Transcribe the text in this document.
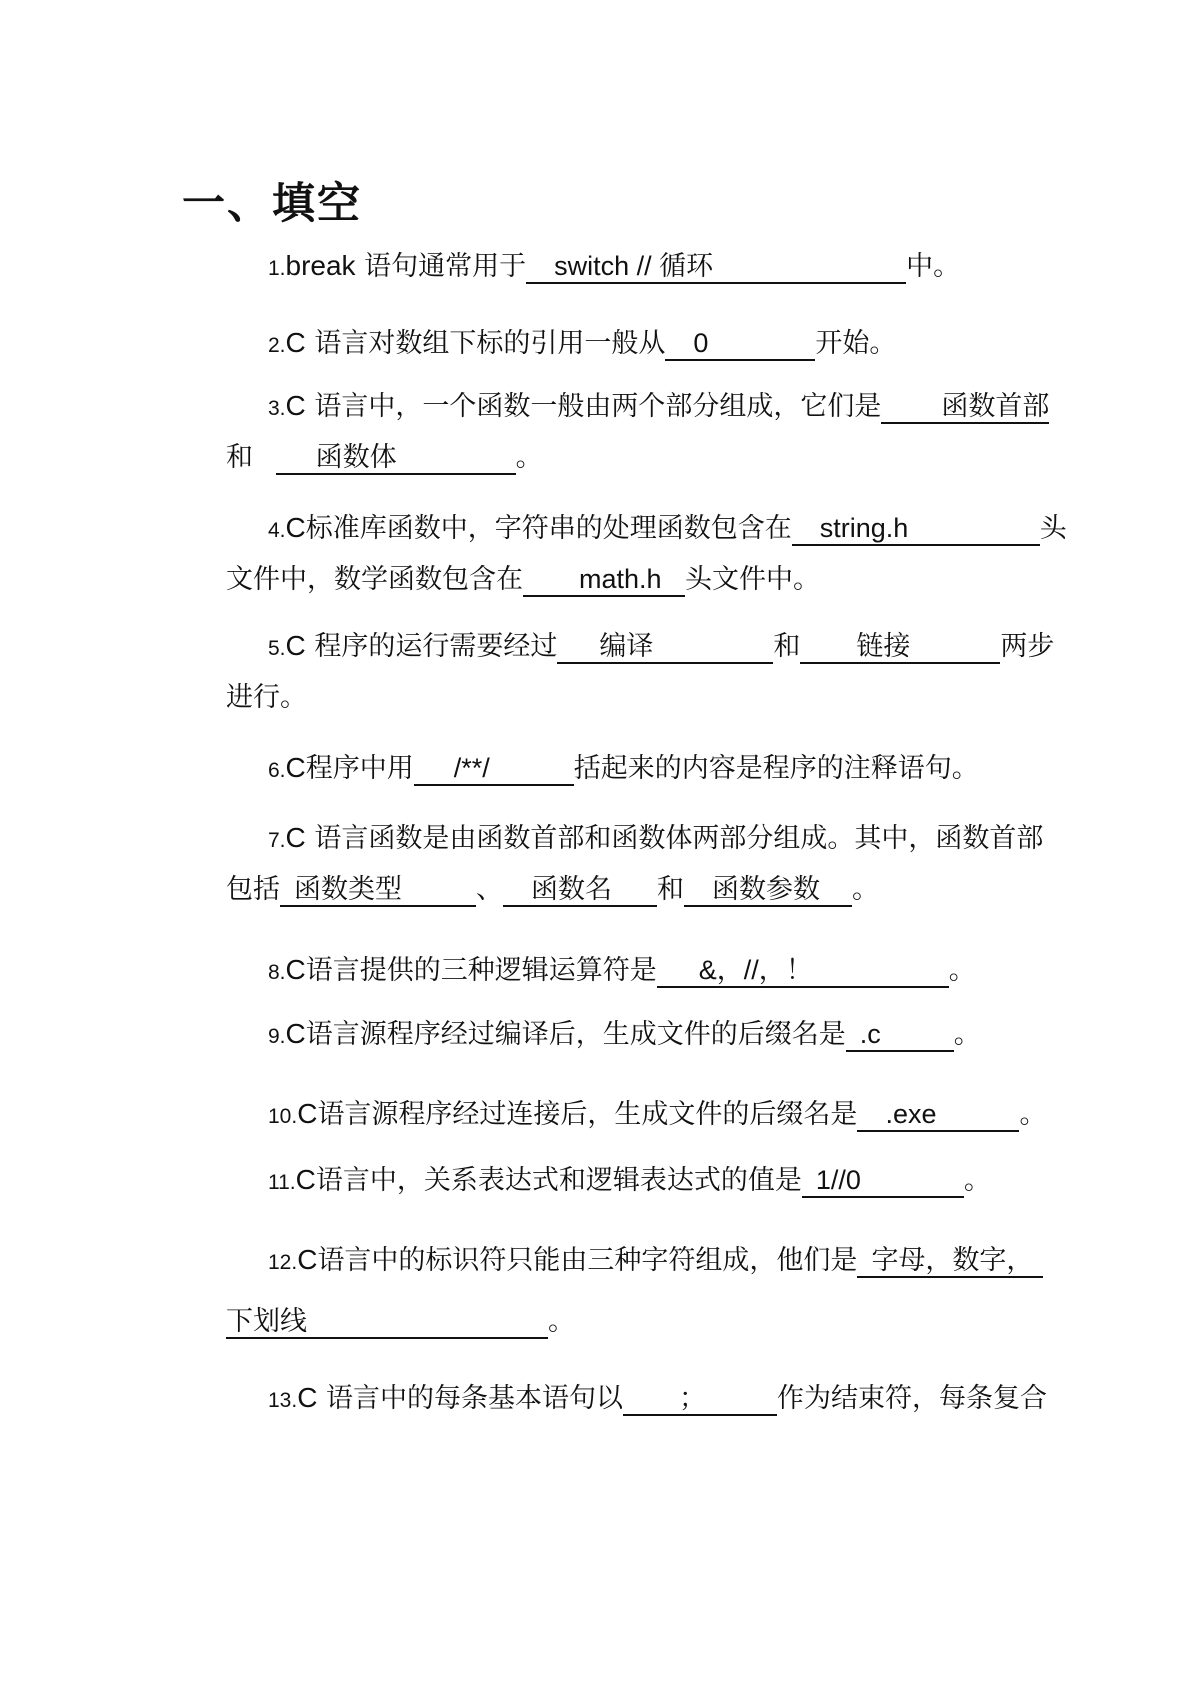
一、填空
1.break 语句通常用于 switch // 循环	中。
2.C 语言对数组下标的引用一般从 0	开始。
3.C 语言中，一个函数一般由两个部分组成，它们是 函数首部
和 函数体	。
4.C标准库函数中，字符串的处理函数包含在 string.h	头
文件中，数学函数包含在 math.h 头文件中。
5.C 程序的运行需要经过 编译	和 链接	两步
进行。
6.C程序中用 /**/	括起来的内容是程序的注释语句。
7.C 语言函数是由函数首部和函数体两部分组成。其中，函数首部
包括 函数类型	、 函数名 和 函数参数 。
8.C语言提供的三种逻辑运算符是 &，//，！	。
9.C语言源程序经过编译后，生成文件的后缀名是 .c	。
10.C语言源程序经过连接后，生成文件的后缀名是 .exe	。
11.C语言中，关系表达式和逻辑表达式的值是 1//0	。
12.C语言中的标识符只能由三种字符组成，他们是 字母，数字，
下划线	。
13.C 语言中的每条基本语句以 ；	作为结束符，每条复合
